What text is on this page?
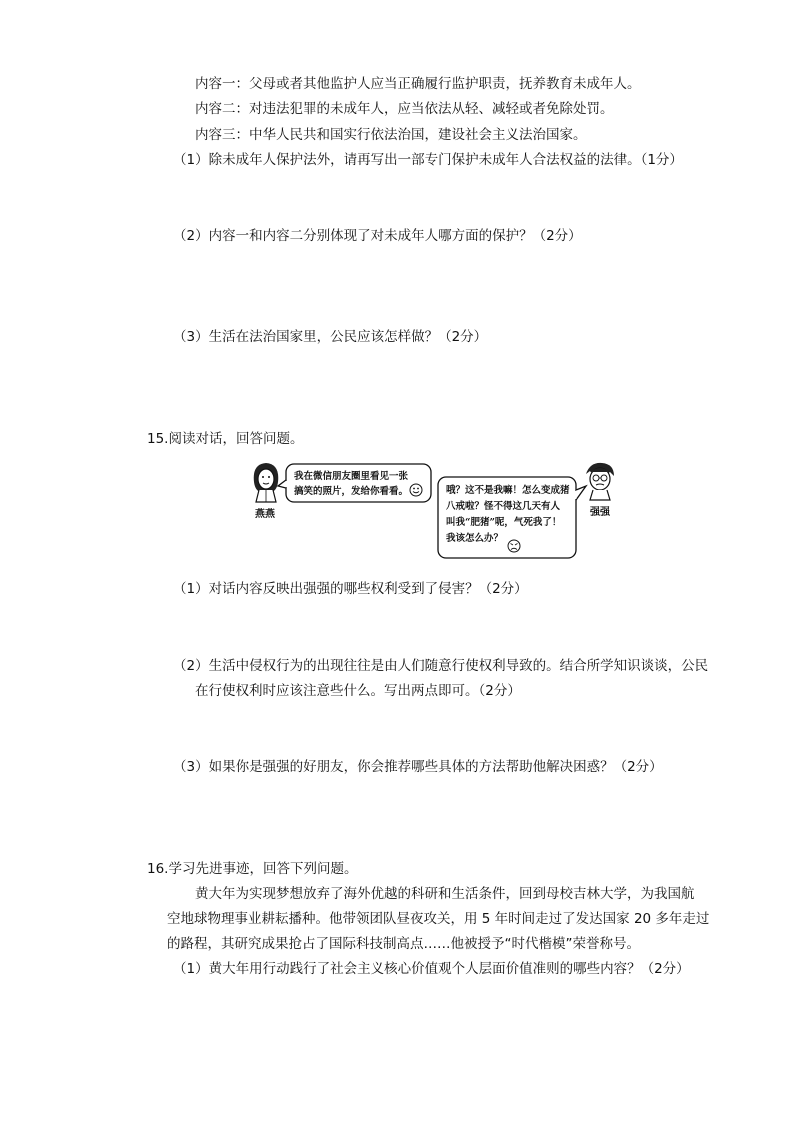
内容一：父母或者其他监护人应当正确履行监护职责，抚养教育未成年人。
内容二：对违法犯罪的未成年人，应当依法从轻、减轻或者免除处罚。
内容三：中华人民共和国实行依法治国，建设社会主义法治国家。
（1）除未成年人保护法外，请再写出一部专门保护未成年人合法权益的法律。（1分）
（2）内容一和内容二分别体现了对未成年人哪方面的保护？（2分）
（3）生活在法治国家里，公民应该怎样做？（2分）
15.阅读对话，回答问题。
燕燕
我在微信朋友圈里看见一张
搞笑的照片，发给你看看。	哦？这不是我嘛！怎么变成猪
八戒啦？怪不得这几天有人
叫我“肥猪”呢，气死我了！
我该怎么办？
强强
（1）对话内容反映出强强的哪些权利受到了侵害？（2分）
（2）生活中侵权行为的出现往往是由人们随意行使权利导致的。结合所学知识谈谈，公民
在行使权利时应该注意些什么。写出两点即可。（2分）
（3）如果你是强强的好朋友，你会推荐哪些具体的方法帮助他解决困惑？（2分）
16.学习先进事迹，回答下列问题。
黄大年为实现梦想放弃了海外优越的科研和生活条件，回到母校吉林大学，为我国航
空地球物理事业耕耘播种。他带领团队昼夜攻关，用 5 年时间走过了发达国家 20 多年走过
的路程，其研究成果抢占了国际科技制高点……他被授予“时代楷模”荣誉称号。
（1）黄大年用行动践行了社会主义核心价值观个人层面价值准则的哪些内容？（2分）
